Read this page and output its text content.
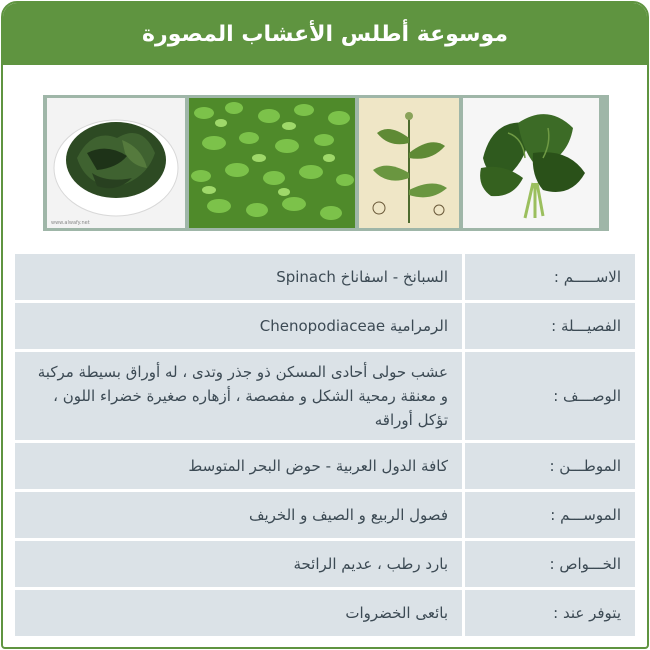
موسوعة أطلس الأعشاب المصورة
www.alwafy.net
الاســـــم :	السبانخ - اسفاناخ Spinach
الفصيـــلة :	الرمرامية Chenopodiaceae
الوصـــف :	عشب حولى أحادى المسكن ذو جذر وتدى ، له أوراق بسيطة مركبة و معنقة رمحية الشكل و مفصصة ، أزهاره صغيرة خضراء اللون ، تؤكل أوراقه
الموطـــن :	كافة الدول العربية - حوض البحر المتوسط
الموســـم :	فصول الربيع و الصيف و الخريف
الخـــواص :	بارد رطب ، عديم الرائحة
يتوفر عند :	بائعى الخضروات
